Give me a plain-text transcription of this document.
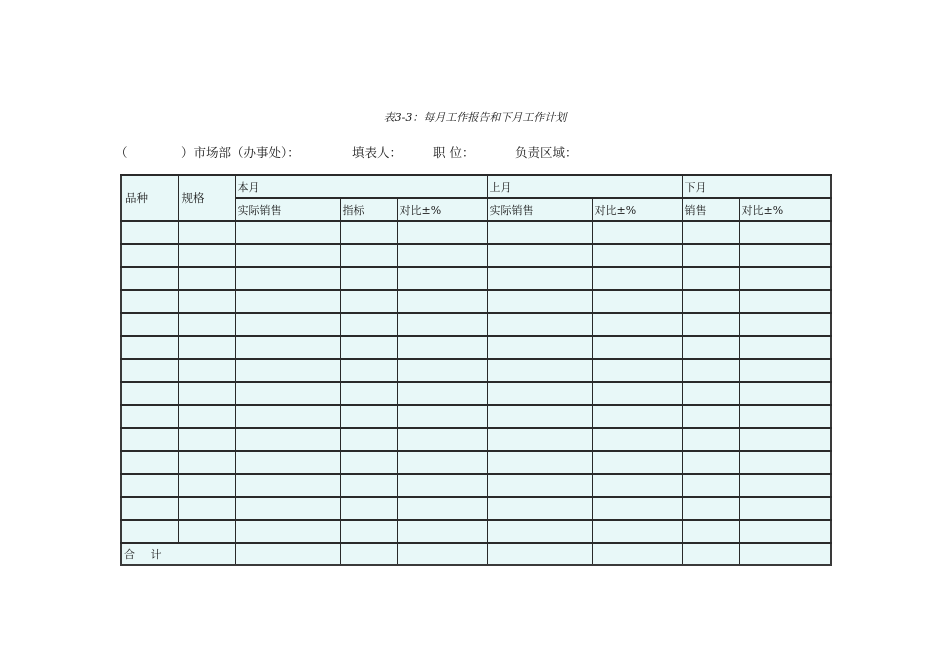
表3-3：每月工作报告和下月工作计划
（	）市场部（办事处）：	填表人： 职 位：	负责区域：
品种	规格	本月			上月		下月	
		实际销售	指标	对比±%	实际销售	对比±%	销售	对比±%

合 计								
